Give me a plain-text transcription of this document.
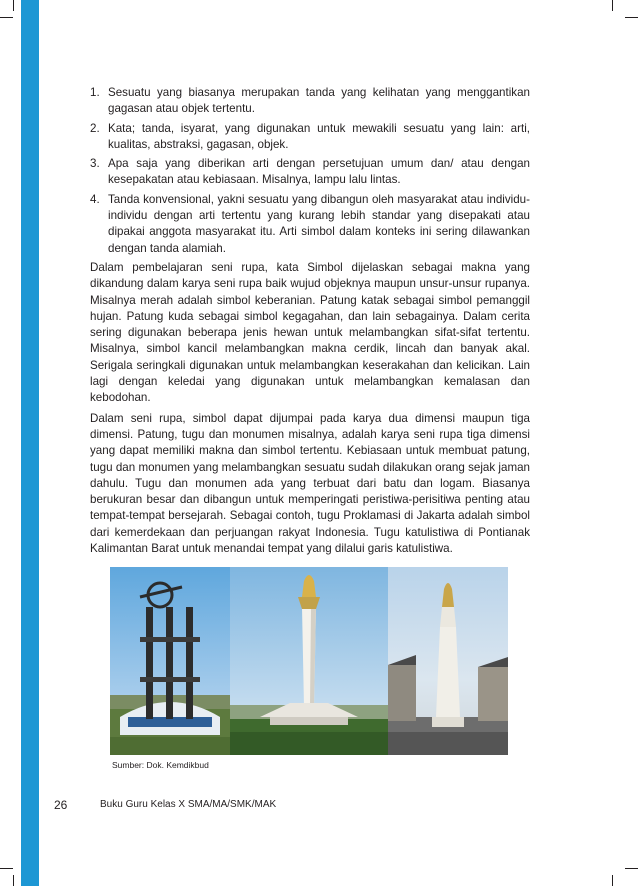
1. Sesuatu yang biasanya merupakan tanda yang kelihatan yang menggantikan gagasan atau objek tertentu.
2. Kata; tanda, isyarat, yang digunakan untuk mewakili sesuatu yang lain: arti, kualitas, abstraksi, gagasan, objek.
3. Apa saja yang diberikan arti dengan persetujuan umum dan/ atau dengan kesepakatan atau kebiasaan. Misalnya, lampu lalu lintas.
4. Tanda konvensional, yakni sesuatu yang dibangun oleh masyarakat atau individu-individu dengan arti tertentu yang kurang lebih standar yang disepakati atau dipakai anggota masyarakat itu. Arti simbol dalam konteks ini sering dilawankan dengan tanda alamiah.

Dalam pembelajaran seni rupa, kata Simbol dijelaskan sebagai makna yang dikandung dalam karya seni rupa baik wujud objeknya maupun unsur-unsur rupanya. Misalnya merah adalah simbol keberanian. Patung katak sebagai simbol pemanggil hujan. Patung kuda sebagai simbol kegagahan, dan lain sebagainya. Dalam cerita sering digunakan beberapa jenis hewan untuk melambangkan sifat-sifat tertentu. Misalnya, simbol kancil melambangkan makna cerdik, lincah dan banyak akal. Serigala seringkali digunakan untuk melambangkan keserakahan dan kelicikan. Lain lagi dengan keledai yang digunakan untuk melambangkan kemalasan dan kebodohan.

Dalam seni rupa, simbol dapat dijumpai pada karya dua dimensi maupun tiga dimensi. Patung, tugu dan monumen misalnya, adalah karya seni rupa tiga dimensi yang dapat memiliki makna dan simbol tertentu. Kebiasaan untuk membuat patung, tugu dan monumen yang melambangkan sesuatu sudah dilakukan orang sejak jaman dahulu. Tugu dan monumen ada yang terbuat dari batu dan logam. Biasanya berukuran besar dan dibangun untuk memperingati peristiwa-perisitiwa penting atau tempat-tempat bersejarah. Sebagai contoh, tugu Proklamasi di Jakarta adalah simbol dari kemerdekaan dan perjuangan rakyat Indonesia. Tugu katulistiwa di Pontianak Kalimantan Barat untuk menandai tempat yang dilalui garis katulistiwa.

Sumber: Dok. Kemdikbud
26	Buku Guru Kelas X SMA/MA/SMK/MAK
